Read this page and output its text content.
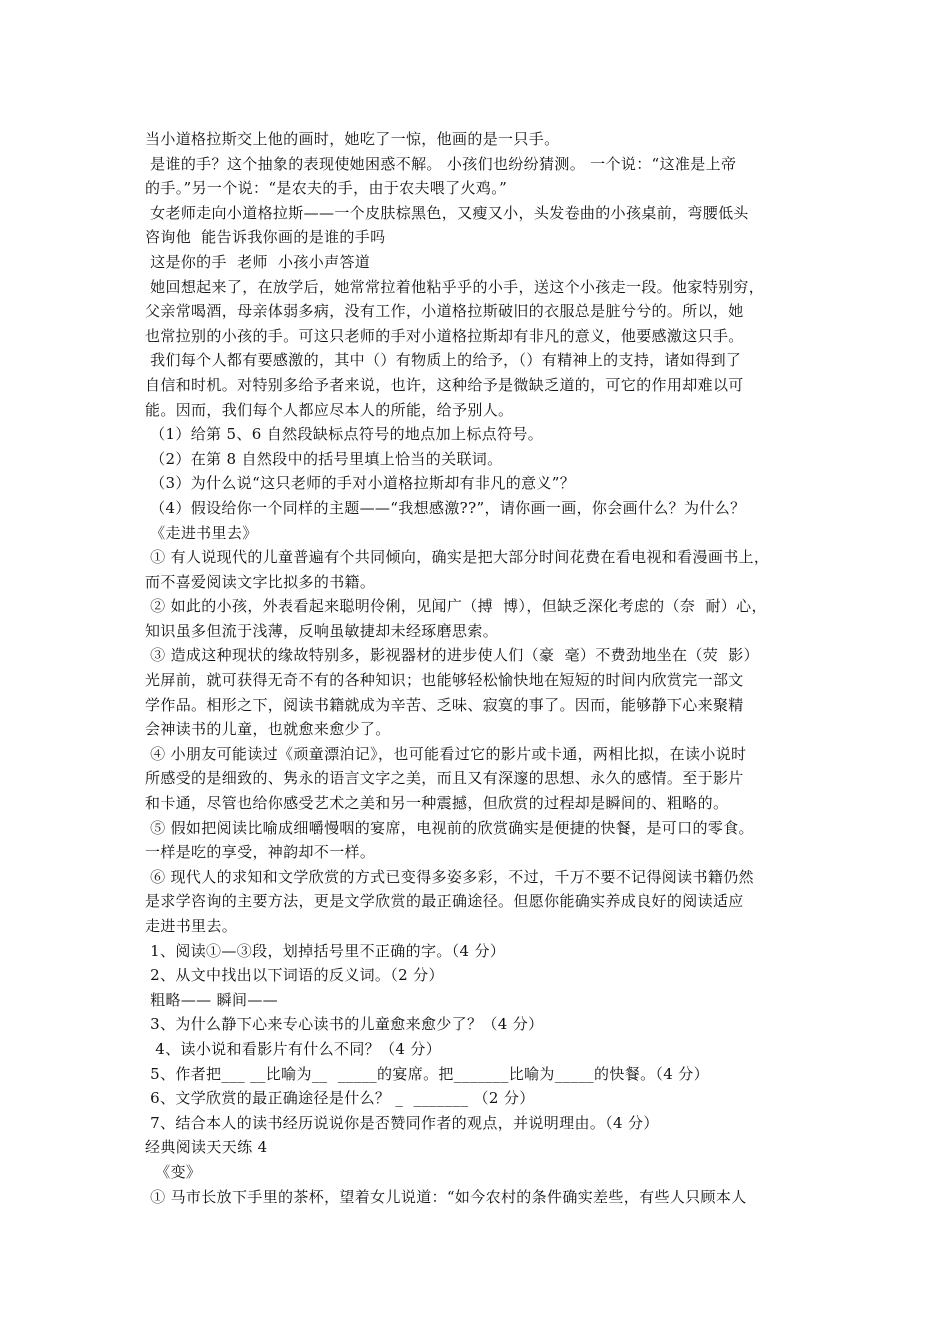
当小道格拉斯交上他的画时，她吃了一惊，他画的是一只手。
是谁的手？这个抽象的表现使她困惑不解。 小孩们也纷纷猜测。 一个说：“这准是上帝
的手。”另一个说：“是农夫的手，由于农夫喂了火鸡。”
女老师走向小道格拉斯——一个皮肤棕黑色，又瘦又小，头发卷曲的小孩桌前，弯腰低头
咨询他  能告诉我你画的是谁的手吗
这是你的手  老师  小孩小声答道
她回想起来了，在放学后，她常常拉着他粘乎乎的小手，送这个小孩走一段。他家特别穷，
父亲常喝酒，母亲体弱多病，没有工作，小道格拉斯破旧的衣服总是脏兮兮的。所以，她
也常拉别的小孩的手。可这只老师的手对小道格拉斯却有非凡的意义，他要感激这只手。
我们每个人都有要感激的，其中（）有物质上的给予，（）有精神上的支持，诸如得到了
自信和时机。对特别多给予者来说，也许，这种给予是微缺乏道的，可它的作用却难以可
能。因而，我们每个人都应尽本人的所能，给予别人。
（1）给第 5、6 自然段缺标点符号的地点加上标点符号。
（2）在第 8 自然段中的括号里填上恰当的关联词。
（3）为什么说“这只老师的手对小道格拉斯却有非凡的意义”？
（4）假设给你一个同样的主题——“我想感激??”，请你画一画，你会画什么？为什么？
《走进书里去》
① 有人说现代的儿童普遍有个共同倾向，确实是把大部分时间花费在看电视和看漫画书上，
而不喜爱阅读文字比拟多的书籍。
② 如此的小孩，外表看起来聪明伶俐，见闻广（搏  博），但缺乏深化考虑的（奈  耐）心，
知识虽多但流于浅薄，反响虽敏捷却未经琢磨思索。
③ 造成这种现状的缘故特别多，影视器材的进步使人们（豪  毫）不费劲地坐在（荧  影）
光屏前，就可获得无奇不有的各种知识；也能够轻松愉快地在短短的时间内欣赏完一部文
学作品。相形之下，阅读书籍就成为辛苦、乏味、寂寞的事了。因而，能够静下心来聚精
会神读书的儿童，也就愈来愈少了。
④ 小朋友可能读过《顽童漂泊记》，也可能看过它的影片或卡通，两相比拟，在读小说时
所感受的是细致的、隽永的语言文字之美，而且又有深邃的思想、永久的感情。至于影片
和卡通，尽管也给你感受艺术之美和另一种震撼，但欣赏的过程却是瞬间的、粗略的。
⑤ 假如把阅读比喻成细嚼慢咽的宴席，电视前的欣赏确实是便捷的快餐，是可口的零食。
一样是吃的享受，神韵却不一样。
⑥ 现代人的求知和文学欣赏的方式已变得多姿多彩，不过，千万不要不记得阅读书籍仍然
是求学咨询的主要方法，更是文学欣赏的最正确途径。但愿你能确实养成良好的阅读适应
走进书里去。
1、阅读①—③段，划掉括号里不正确的字。（4 分）
2、从文中找出以下词语的反义词。（2 分）
粗略—— 瞬间——
3、为什么静下心来专心读书的儿童愈来愈少了？（4 分）
4、读小说和看影片有什么不同？（4 分）
5、作者把___ __比喻为__  _____的宴席。把_______比喻为_____的快餐。（4 分）
6、文学欣赏的最正确途径是什么？ _  _______ （2 分）
7、结合本人的读书经历说说你是否赞同作者的观点，并说明理由。（4 分）
经典阅读天天练 4
《变》
① 马市长放下手里的茶杯，望着女儿说道：“如今农村的条件确实差些，有些人只顾本人
